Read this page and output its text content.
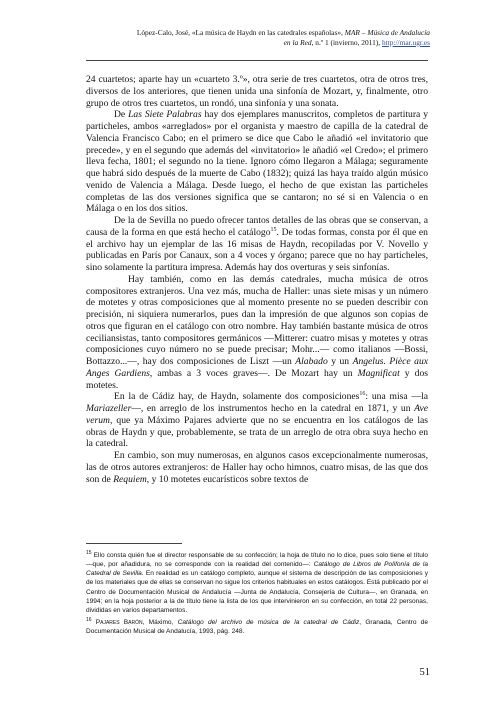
López-Calo, José, «La música de Haydn en las catedrales españolas», MAR – Música de Andalucía
en la Red, n.º 1 (invierno, 2011), http://mar.ugr.es

24 cuartetos; aparte hay un «cuarteto 3.º», otra serie de tres cuartetos, otra de otros tres, diversos de los anteriores, que tienen unida una sinfonía de Mozart, y, finalmente, otro grupo de otros tres cuartetos, un rondó, una sinfonía y una sonata.

De Las Siete Palabras hay dos ejemplares manuscritos, completos de partitura y particheles, ambos «arreglados» por el organista y maestro de capilla de la catedral de Valencia Francisco Cabo; en el primero se dice que Cabo le añadió «el invitatorio que precede», y en el segundo que además del «invitatorio» le añadió «el Credo»; el primero lleva fecha, 1801; el segundo no la tiene. Ignoro cómo llegaron a Málaga; seguramente que habrá sido después de la muerte de Cabo (1832); quizá las haya traído algún músico venido de Valencia a Málaga. Desde luego, el hecho de que existan las particheles completas de las dos versiones significa que se cantaron; no sé si en Valencia o en Málaga o en los dos sitios.

De la de Sevilla no puedo ofrecer tantos detalles de las obras que se conservan, a causa de la forma en que está hecho el catálogo$^{15}$. De todas formas, consta por él que en el archivo hay un ejemplar de las 16 misas de Haydn, recopiladas por V. Novello y publicadas en París por Canaux, son a 4 voces y órgano; parece que no hay particheles, sino solamente la partitura impresa. Además hay dos overturas y seis sinfonías.

Hay también, como en las demás catedrales, mucha música de otros compositores extranjeros. Una vez más, mucha de Haller: unas siete misas y un número de motetes y otras composiciones que al momento presente no se pueden describir con precisión, ni siquiera numerarlos, pues dan la impresión de que algunos son copias de otros que figuran en el catálogo con otro nombre. Hay también bastante música de otros ceciliansistas, tanto compositores germánicos —Mitterer: cuatro misas y motetes y otras composiciones cuyo número no se puede precisar; Mohr...— como italianos —Bossi, Bottazzo...—, hay dos composiciones de Liszt —un Alabado y un Angelus. Pièce aux Anges Gardiens, ambas a 3 voces graves—. De Mozart hay un Magnificat y dos motetes.

En la de Cádiz hay, de Haydn, solamente dos composiciones$^{16}$: una misa —la Mariazeller—, en arreglo de los instrumentos hecho en la catedral en 1871, y un Ave verum, que ya Máximo Pajares advierte que no se encuentra en los catálogos de las obras de Haydn y que, probablemente, se trata de un arreglo de otra obra suya hecho en la catedral.

En cambio, son muy numerosas, en algunos casos excepcionalmente numerosas, las de otros autores extranjeros: de Haller hay ocho himnos, cuatro misas, de las que dos son de Requiem, y 10 motetes eucarísticos sobre textos de

$^{15}$ Ello consta quién fue el director responsable de su confección; la hoja de título no lo dice, pues solo tiene el título —que, por añadidura, no se corresponde con la realidad del contenido—: Catálogo de Libros de Polifonía de la Catedral de Sevilla. En realidad es un catálogo completo, aunque el sistema de descripción de las composiciones y de los materiales que de ellas se conservan no sigue los criterios habituales en estos catálogos. Está publicado por el Centro de Documentación Musical de Andalucía —Junta de Andalucía, Consejería de Cultura—, en Granada, en 1994; en la hoja posterior a la de título tiene la lista de los que intervinieron en su confección, en total 22 personas, divididas en varios departamentos.

$^{16}$ Pajares Barón, Máximo, Catálogo del archivo de música de la catedral de Cádiz, Granada, Centro de Documentación Musical de Andalucía, 1993, pág. 248.

51
